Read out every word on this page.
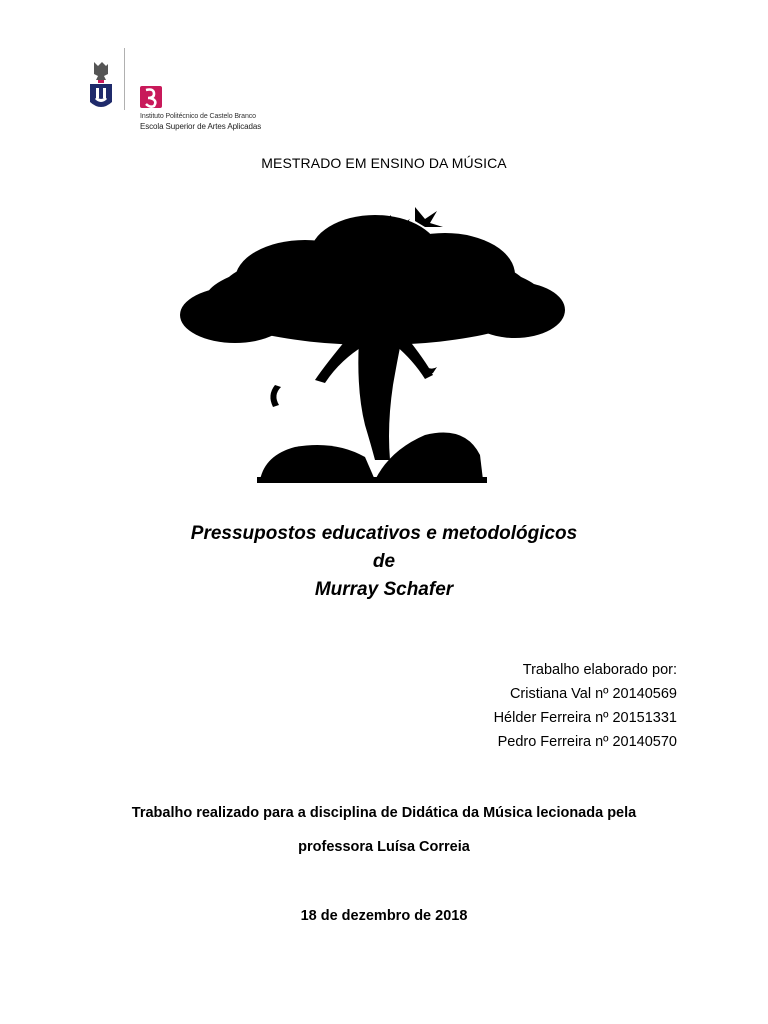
Instituto Politécnico de Castelo Branco
Escola Superior de Artes Aplicadas
MESTRADO EM ENSINO DA MÚSICA
Pressupostos educativos e metodológicos
de
Murray Schafer
Trabalho elaborado por:
Cristiana Val nº 20140569
Hélder Ferreira nº 20151331
Pedro Ferreira nº 20140570
Trabalho realizado para a disciplina de Didática da Música lecionada pela
professora Luísa Correia
18 de dezembro de 2018
